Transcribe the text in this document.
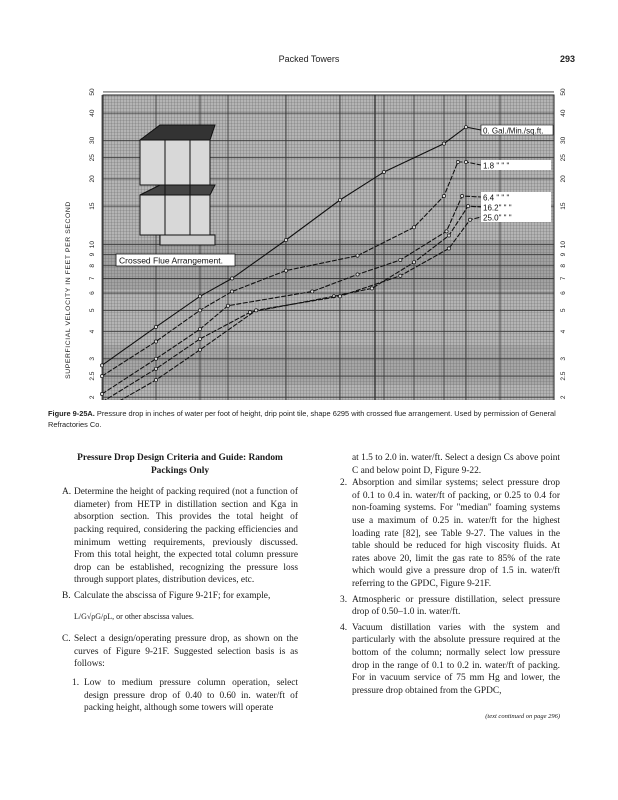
Packed Towers	293
2
2.5
3
4
5
6
7
8
9
10
15
20
25
30
40
50
2
2.5
3
4
5
6
7
8
9
10
15
20
25
30
40
50
Crossed Flue Arrangement.
0. Gal./Min./sq.ft.
1.8 " " "
6.4 " " "
16.2" " "
25.0" " "
SUPERFICIAL VELOCITY IN FEET PER SECOND
Figure 9-25A. Pressure drop in inches of water per foot of height, drip point tile, shape 6295 with crossed flue arrangement. Used by permission of General Refractories Co.
Pressure Drop Design Criteria and Guide: Random Packings Only
A. Determine the height of packing required (not a function of diameter) from HETP in distillation section and Kga in absorption section. This provides the total height of packing required, considering the packing efficiencies and minimum wetting requirements, previously discussed. From this total height, the expected total column pressure drop can be established, recognizing the pressure loss through support plates, distribution devices, etc.
B. Calculate the abscissa of Figure 9-21F; for example,
L/G√ρG/ρL, or other abscissa values.
C. Select a design/operating pressure drop, as shown on the curves of Figure 9-21F. Suggested selection basis is as follows:
1. Low to medium pressure column operation, select design pressure drop of 0.40 to 0.60 in. water/ft of packing height, although some towers will operate
at 1.5 to 2.0 in. water/ft. Select a design Cs above point C and below point D, Figure 9-22.
2. Absorption and similar systems; select pressure drop of 0.1 to 0.4 in. water/ft of packing, or 0.25 to 0.4 for non-foaming systems. For "median" foaming systems use a maximum of 0.25 in. water/ft for the highest loading rate [82], see Table 9-27. The values in the table should be reduced for high viscosity fluids. At rates above 20, limit the gas rate to 85% of the rate which would give a pressure drop of 1.5 in. water/ft referring to the GPDC, Figure 9-21F.
3. Atmospheric or pressure distillation, select pressure drop of 0.50–1.0 in. water/ft.
4. Vacuum distillation varies with the system and particularly with the absolute pressure required at the bottom of the column; normally select low pressure drop in the range of 0.1 to 0.2 in. water/ft of packing. For in vacuum service of 75 mm Hg and lower, the pressure drop obtained from the GPDC,
(text continued on page 296)
